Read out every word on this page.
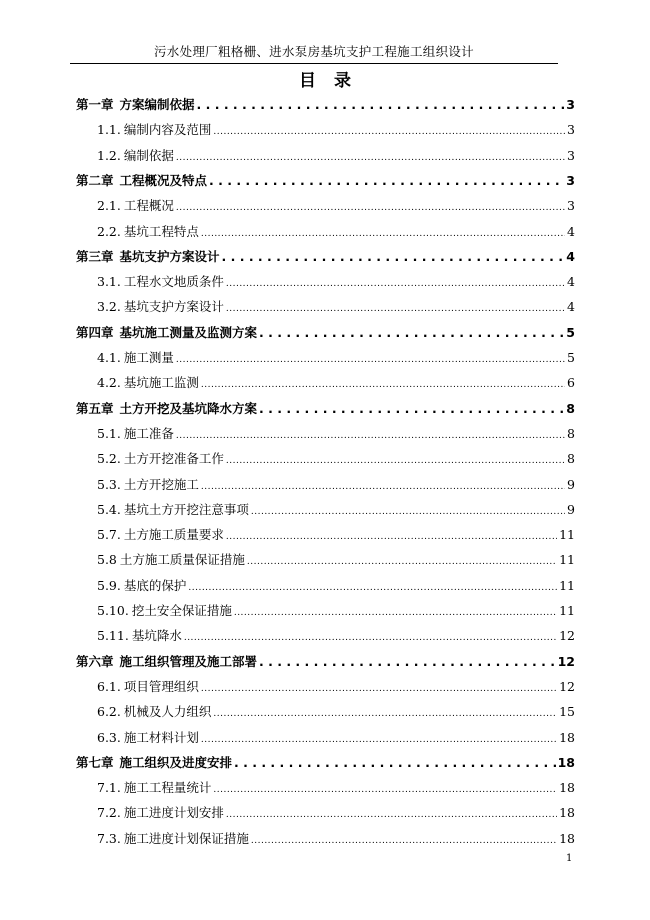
污水处理厂粗格栅、进水泵房基坑支护工程施工组织设计
目录
第一章 方案编制依据 . . .	3
1.1. 编制内容及范围 .....	3
1.2. 编制依据 .....	3
第二章 工程概况及特点 . . .	3
2.1. 工程概况 .....	3
2.2. 基坑工程特点 .....	4
第三章 基坑支护方案设计 . . .	4
3.1. 工程水文地质条件 .....	4
3.2. 基坑支护方案设计 .....	4
第四章 基坑施工测量及监测方案 . . .	5
4.1. 施工测量 .....	5
4.2. 基坑施工监测 .....	6
第五章 土方开挖及基坑降水方案 . . .	8
5.1. 施工准备 .....	8
5.2. 土方开挖准备工作 .....	8
5.3. 土方开挖施工 .....	9
5.4. 基坑土方开挖注意事项 .....	9
5.7. 土方施工质量要求 .....	11
5.8 土方施工质量保证措施 .....	11
5.9. 基底的保护 .....	11
5.10. 挖土安全保证措施 .....	11
5.11. 基坑降水 .....	12
第六章 施工组织管理及施工部署 . . .	12
6.1. 项目管理组织 .....	12
6.2. 机械及人力组织 .....	15
6.3. 施工材料计划 .....	18
第七章 施工组织及进度安排 . . .	18
7.1. 施工工程量统计 .....	18
7.2. 施工进度计划安排 .....	18
7.3. 施工进度计划保证措施 .....	18
1
